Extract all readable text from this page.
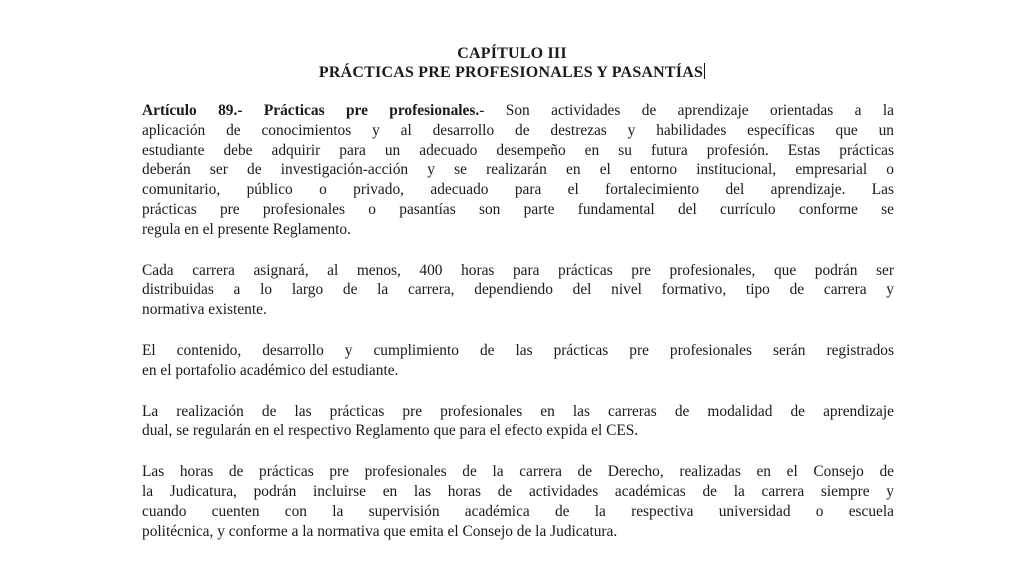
CAPÍTULO III
PRÁCTICAS PRE PROFESIONALES Y PASANTÍAS

Artículo 89.- Prácticas pre profesionales.- Son actividades de aprendizaje orientadas a la
aplicación de conocimientos y al desarrollo de destrezas y habilidades específicas que un
estudiante debe adquirir para un adecuado desempeño en su futura profesión. Estas prácticas
deberán ser de investigación-acción y se realizarán en el entorno institucional, empresarial o
comunitario, público o privado, adecuado para el fortalecimiento del aprendizaje. Las
prácticas pre profesionales o pasantías son parte fundamental del currículo conforme se
regula en el presente Reglamento.

Cada carrera asignará, al menos, 400 horas para prácticas pre profesionales, que podrán ser
distribuidas a lo largo de la carrera, dependiendo del nivel formativo, tipo de carrera y
normativa existente.

El contenido, desarrollo y cumplimiento de las prácticas pre profesionales serán registrados
en el portafolio académico del estudiante.

La realización de las prácticas pre profesionales en las carreras de modalidad de aprendizaje
dual, se regularán en el respectivo Reglamento que para el efecto expida el CES.

Las horas de prácticas pre profesionales de la carrera de Derecho, realizadas en el Consejo de
la Judicatura, podrán incluirse en las horas de actividades académicas de la carrera siempre y
cuando cuenten con la supervisión académica de la respectiva universidad o escuela
politécnica, y conforme a la normativa que emita el Consejo de la Judicatura.
